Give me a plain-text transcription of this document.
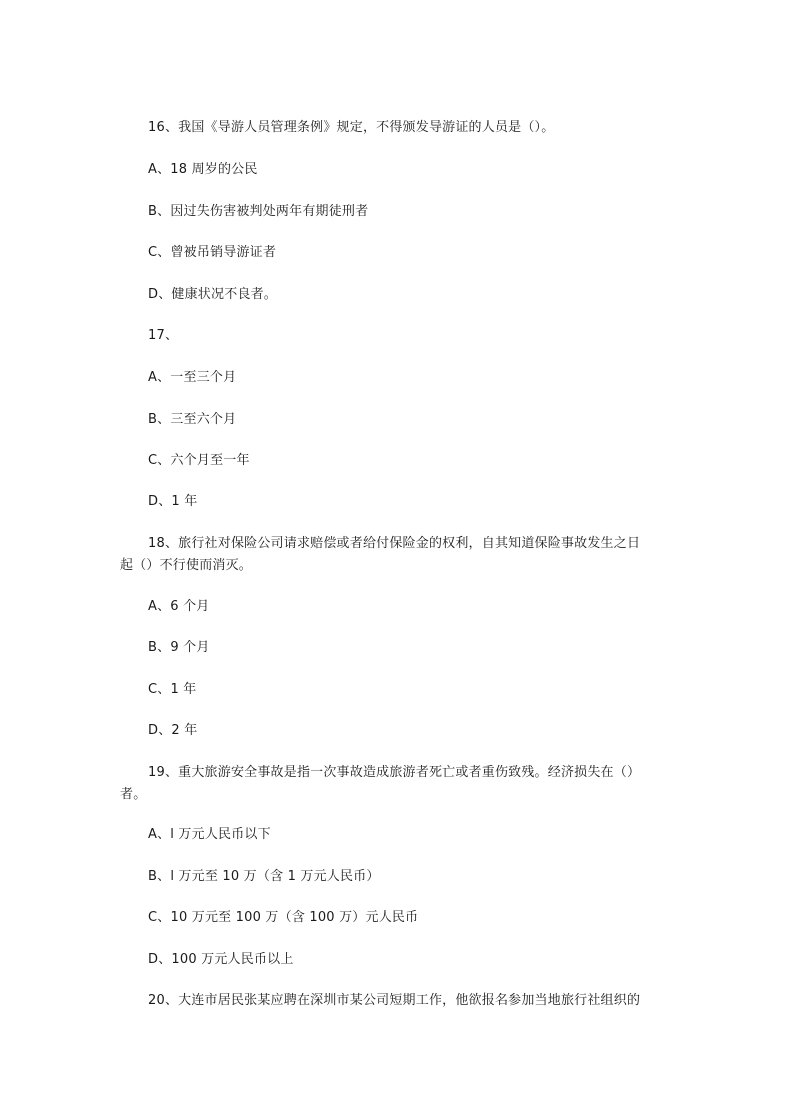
16、我国《导游人员管理条例》规定，不得颁发导游证的人员是（）。
A、18 周岁的公民
B、因过失伤害被判处两年有期徒刑者
C、曾被吊销导游证者
D、健康状况不良者。
17、
A、一至三个月
B、三至六个月
C、六个月至一年
D、1 年
18、旅行社对保险公司请求赔偿或者给付保险金的权利，自其知道保险事故发生之日
起（）不行使而消灭。
A、6 个月
B、9 个月
C、1 年
D、2 年
19、重大旅游安全事故是指一次事故造成旅游者死亡或者重伤致残。经济损失在（）
者。
A、l 万元人民币以下
B、l 万元至 10 万（含 1 万元人民币）
C、10 万元至 100 万（含 100 万）元人民币
D、100 万元人民币以上
20、大连市居民张某应聘在深圳市某公司短期工作，他欲报名参加当地旅行社组织的
